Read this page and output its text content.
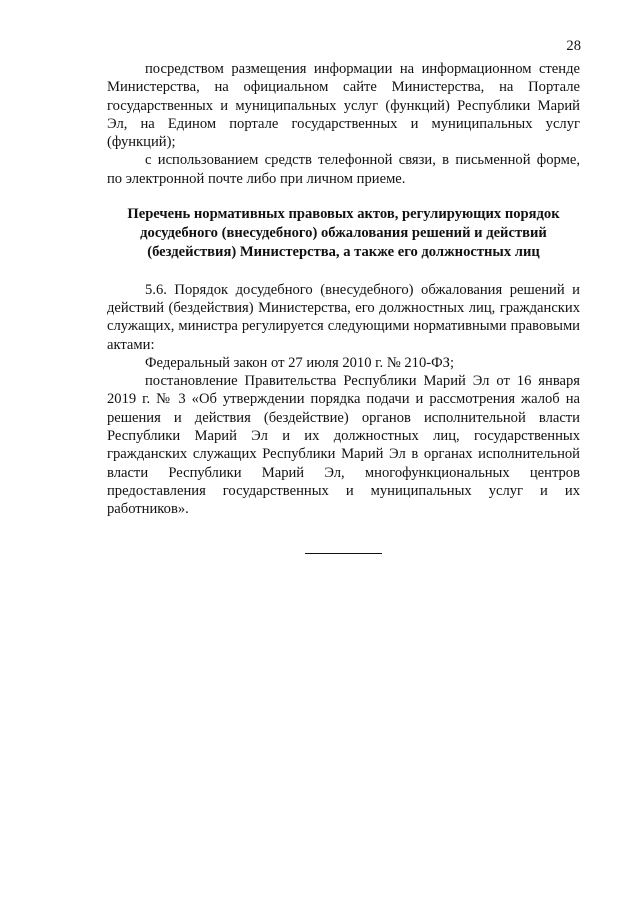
28

посредством размещения информации на информационном стенде Министерства, на официальном сайте Министерства, на Портале государственных и муниципальных услуг (функций) Республики Марий Эл, на Едином портале государственных и муниципальных услуг (функций);

с использованием средств телефонной связи, в письменной форме, по электронной почте либо при личном приеме.

Перечень нормативных правовых актов, регулирующих порядок
досудебного (внесудебного) обжалования решений и действий
(бездействия) Министерства, а также его должностных лиц

5.6. Порядок досудебного (внесудебного) обжалования решений и действий (бездействия) Министерства, его должностных лиц, гражданских служащих, министра регулируется следующими нормативными правовыми актами:

Федеральный закон от 27 июля 2010 г. № 210-ФЗ;

постановление Правительства Республики Марий Эл от 16 января 2019 г. № 3 «Об утверждении порядка подачи и рассмотрения жалоб на решения и действия (бездействие) органов исполнительной власти Республики Марий Эл и их должностных лиц, государственных гражданских служащих Республики Марий Эл в органах исполнительной власти Республики Марий Эл, многофункциональных центров предоставления государственных и муниципальных услуг и их работников».
